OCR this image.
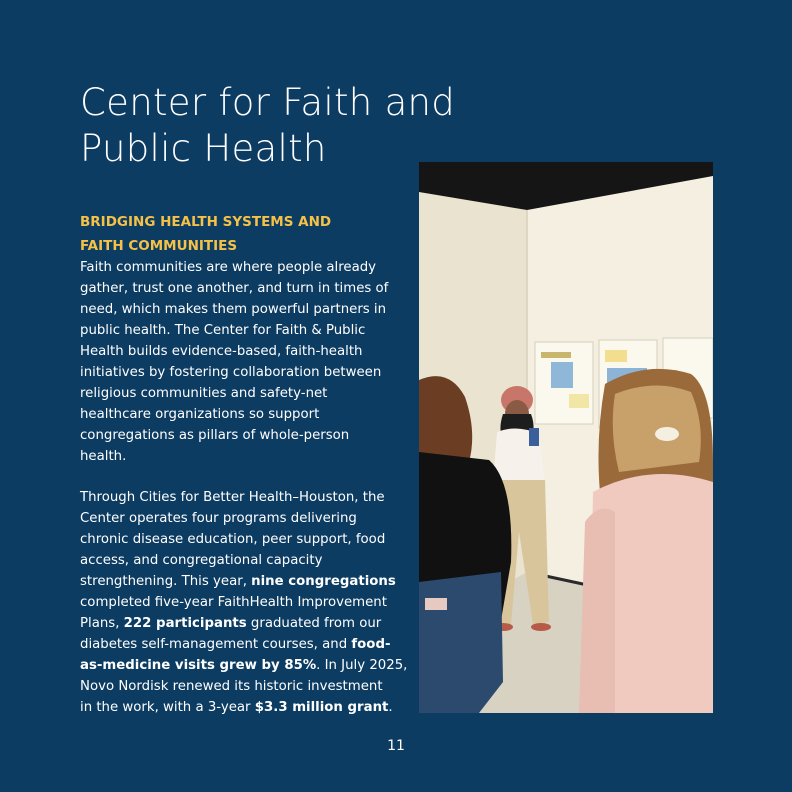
Center for Faith and
Public Health
BRIDGING HEALTH SYSTEMS AND
FAITH COMMUNITIES
Faith communities are where people already
gather, trust one another, and turn in times of
need, which makes them powerful partners in
public health. The Center for Faith & Public
Health builds evidence-based, faith-health
initiatives by fostering collaboration between
religious communities and safety-net
healthcare organizations so support
congregations as pillars of whole-person
health.
Through Cities for Better Health–Houston, the
Center operates four programs delivering
chronic disease education, peer support, food
access, and congregational capacity
strengthening. This year, nine congregations
completed five-year FaithHealth Improvement
Plans, 222 participants graduated from our
diabetes self-management courses, and food-
as-medicine visits grew by 85%. In July 2025,
Novo Nordisk renewed its historic investment
in the work, with a 3-year $3.3 million grant.
11
